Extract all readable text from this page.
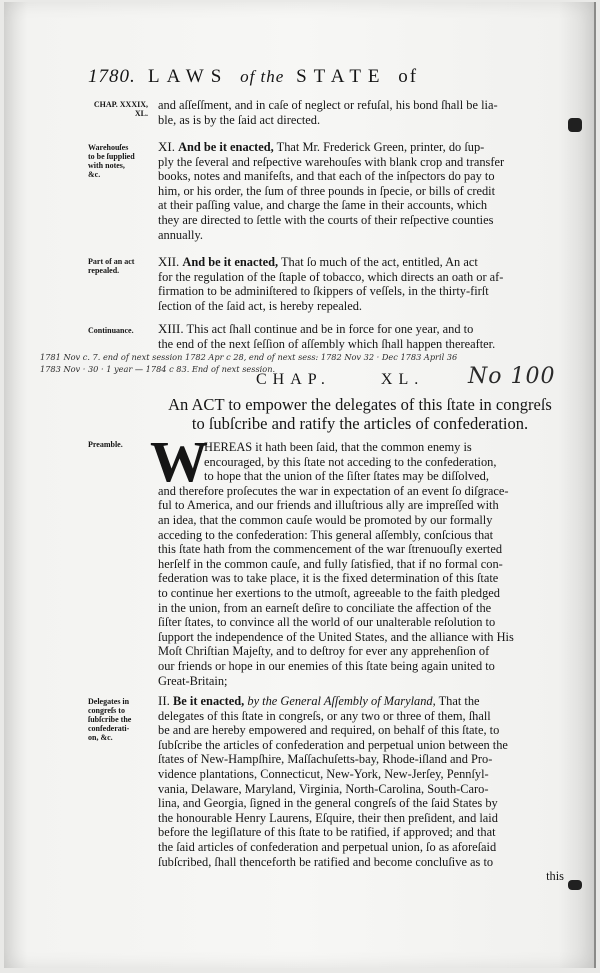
1780. LAWS of the STATE of
CHAP. XXXIX, XL.
and aſſeſſment, and in caſe of neglect or refuſal, his bond ſhall be lia-
ble, as is by the ſaid act directed.
Warehouſes
to be ſupplied
with notes,
&c.
XI. And be it enacted, That Mr. Frederick Green, printer, do ſup-
ply the ſeveral and reſpective warehouſes with blank crop and transfer
books, notes and manifeſts, and that each of the inſpectors do pay to
him, or his order, the ſum of three pounds in ſpecie, or bills of credit
at their paſſing value, and charge the ſame in their accounts, which
they are directed to ſettle with the courts of their reſpective counties
annually.
Part of an act
repealed.
XII. And be it enacted, That ſo much of the act, entitled, An act
for the regulation of the ſtaple of tobacco, which directs an oath or af-
firmation to be adminiſtered to ſkippers of veſſels, in the thirty-firſt
ſection of the ſaid act, is hereby repealed.
Continuance.	XIII. This act ſhall continue and be in force for one year, and to
the end of the next ſeſſion of aſſembly which ſhall happen thereafter.
1781 Nov c. 7. end of next session 1782 Apr c 28, end of next sess: 1782 Nov 32 · Dec 1783 April 36
1783 Nov · 30 · 1 year — 1784 c 83. End of next session.
CHAP.	XL.	No 100
An ACT to empower the delegates of this ſtate in congreſs
to ſubſcribe and ratify the articles of confederation.
Preamble. W
HEREAS it hath been ſaid, that the common enemy is
encouraged, by this ſtate not acceding to the confederation,
to hope that the union of the ſiſter ſtates may be diſſolved,
and therefore proſecutes the war in expectation of an event ſo diſgrace-
ful to America, and our friends and illuſtrious ally are impreſſed with
an idea, that the common cauſe would be promoted by our formally
acceding to the confederation: This general aſſembly, conſcious that
this ſtate hath from the commencement of the war ſtrenuouſly exerted
herſelf in the common cauſe, and fully ſatisfied, that if no formal con-
federation was to take place, it is the fixed determination of this ſtate
to continue her exertions to the utmoſt, agreeable to the faith pledged
in the union, from an earneſt deſire to conciliate the affection of the
ſiſter ſtates, to convince all the world of our unalterable reſolution to
ſupport the independence of the United States, and the alliance with His
Moſt Chriſtian Majeſty, and to deſtroy for ever any apprehenſion of
our friends or hope in our enemies of this ſtate being again united to
Great-Britain;
Delegates in
congreſs to
ſubſcribe the
confederati-
on, &c.
II. Be it enacted, by the General Aſſembly of Maryland, That the
delegates of this ſtate in congreſs, or any two or three of them, ſhall
be and are hereby empowered and required, on behalf of this ſtate, to
ſubſcribe the articles of confederation and perpetual union between the
ſtates of New-Hampſhire, Maſſachuſetts-bay, Rhode-iſland and Pro-
vidence plantations, Connecticut, New-York, New-Jerſey, Pennſyl-
vania, Delaware, Maryland, Virginia, North-Carolina, South-Caro-
lina, and Georgia, ſigned in the general congreſs of the ſaid States by
the honourable Henry Laurens, Eſquire, their then preſident, and laid
before the legiſlature of this ſtate to be ratified, if approved; and that
the ſaid articles of confederation and perpetual union, ſo as aforeſaid
ſubſcribed, ſhall thenceforth be ratified and become concluſive as to
this
